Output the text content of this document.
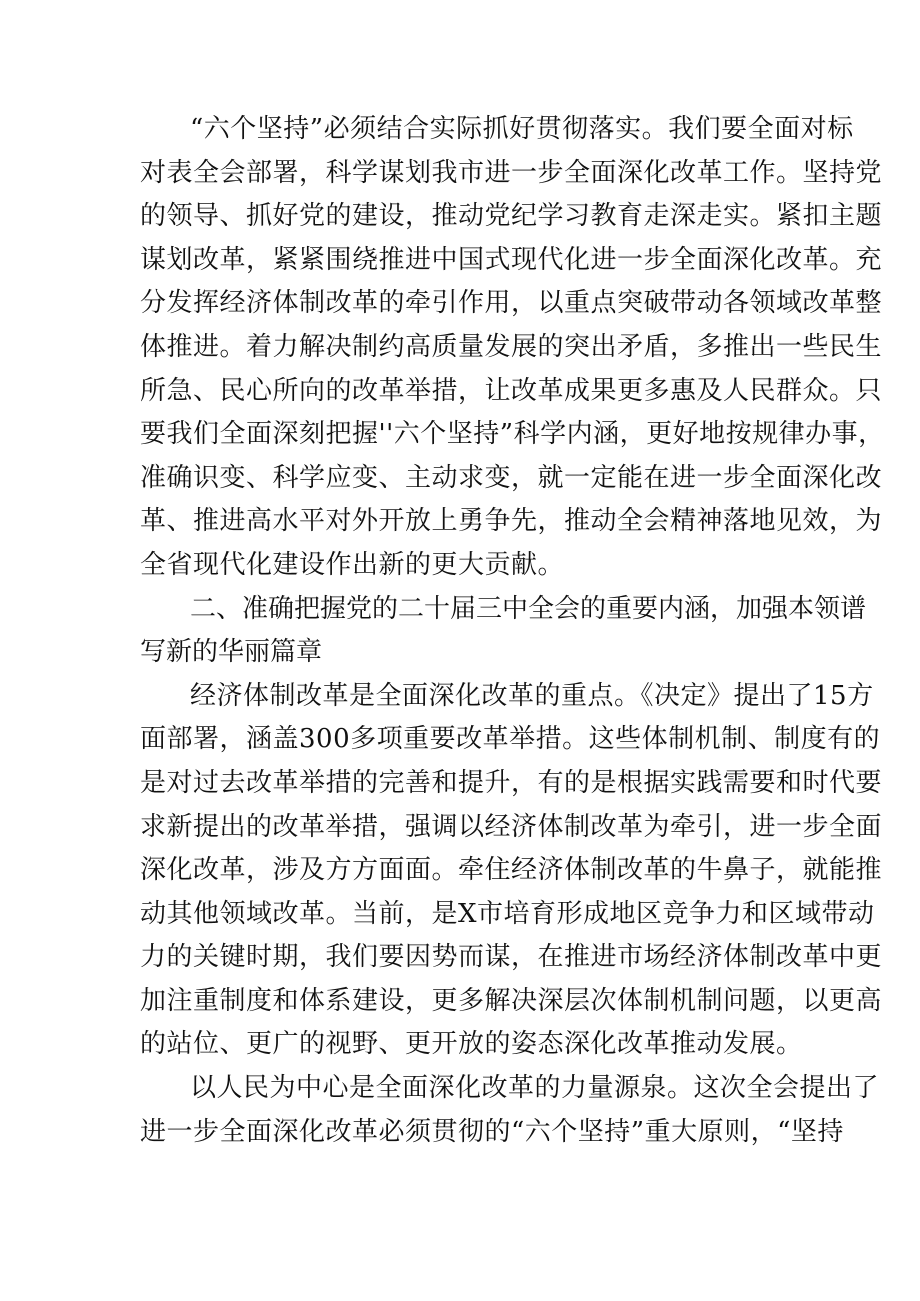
“六个坚持”必须结合实际抓好贯彻落实。我们要全面对标
对表全会部署，科学谋划我市进一步全面深化改革工作。坚持党
的领导、抓好党的建设，推动党纪学习教育走深走实。紧扣主题
谋划改革，紧紧围绕推进中国式现代化进一步全面深化改革。充
分发挥经济体制改革的牵引作用，以重点突破带动各领域改革整
体推进。着力解决制约高质量发展的突出矛盾，多推出一些民生
所急、民心所向的改革举措，让改革成果更多惠及人民群众。只
要我们全面深刻把握''六个坚持”科学内涵，更好地按规律办事，
准确识变、科学应变、主动求变，就一定能在进一步全面深化改
革、推进高水平对外开放上勇争先，推动全会精神落地见效，为
全省现代化建设作出新的更大贡献。
二、准确把握党的二十届三中全会的重要内涵，加强本领谱
写新的华丽篇章
经济体制改革是全面深化改革的重点。《决定》提出了15方
面部署，涵盖300多项重要改革举措。这些体制机制、制度有的
是对过去改革举措的完善和提升，有的是根据实践需要和时代要
求新提出的改革举措，强调以经济体制改革为牵引，进一步全面
深化改革，涉及方方面面。牵住经济体制改革的牛鼻子，就能推
动其他领域改革。当前，是X市培育形成地区竞争力和区域带动
力的关键时期，我们要因势而谋，在推进市场经济体制改革中更
加注重制度和体系建设，更多解决深层次体制机制问题，以更高
的站位、更广的视野、更开放的姿态深化改革推动发展。
以人民为中心是全面深化改革的力量源泉。这次全会提出了
进一步全面深化改革必须贯彻的“六个坚持”重大原则，“坚持
